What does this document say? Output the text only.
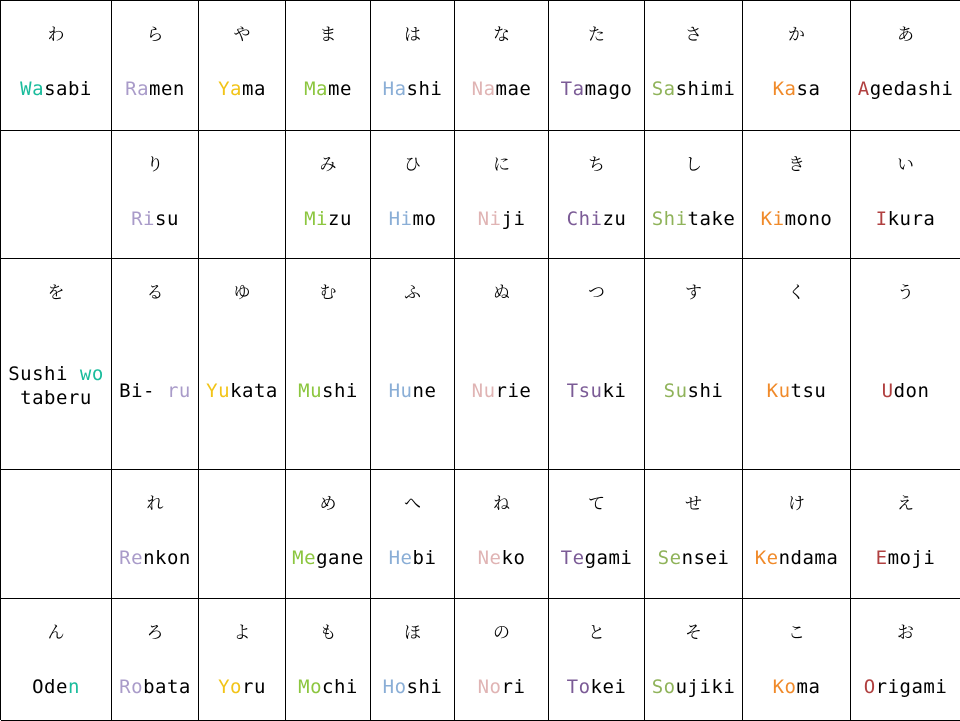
わ
Wasabi
ら
Ramen
や
Yama
ま
Mame
は
Hashi
な
Namae
た
Tamago
さ
Sashimi
か
Kasa
あ
Agedashi
り
Risu
み
Mizu
ひ
Himo
に
Niji
ち
Chizu
し
Shitake
き
Kimono
い
Ikura
を
Sushi wo taberu
る
Bi- ru
ゆ
Yukata
む
Mushi
ふ
Hune
ぬ
Nurie
つ
Tsuki
す
Sushi
く
Kutsu
う
Udon
れ
Renkon
め
Megane
へ
Hebi
ね
Neko
て
Tegami
せ
Sensei
け
Kendama
え
Emoji
ん
Oden
ろ
Robata
よ
Yoru
も
Mochi
ほ
Hoshi
の
Nori
と
Tokei
そ
Soujiki
こ
Koma
お
Origami
